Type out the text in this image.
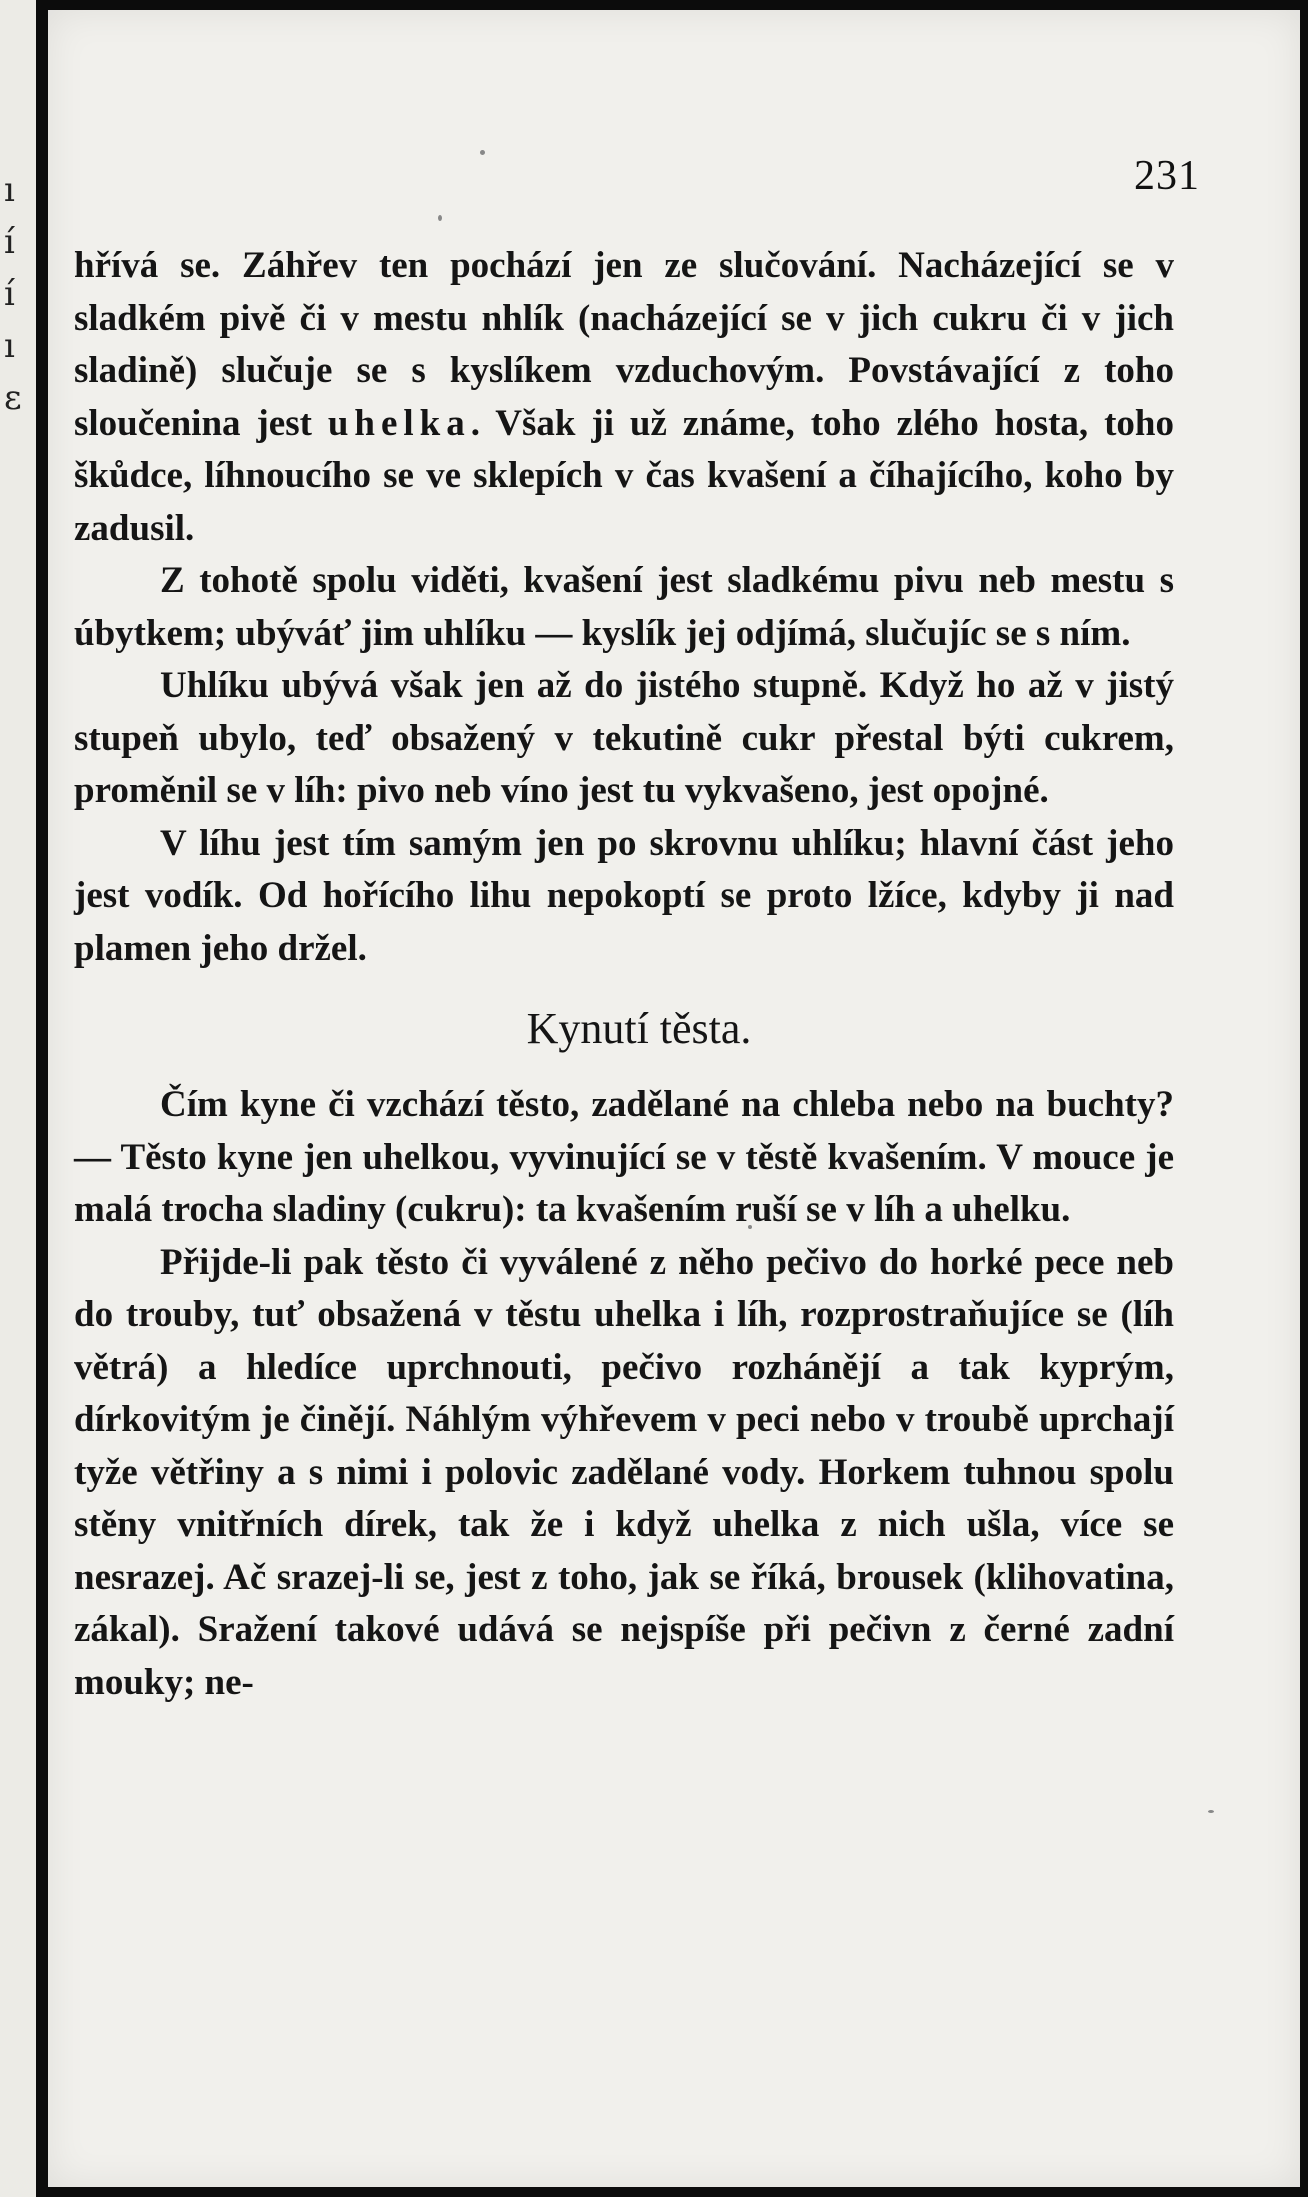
ı
í
í
ı
ε
231

hřívá se. Záhřev ten pochází jen ze slučování. Nacházející se v sladkém pivě či v mestu nhlík (nacházející se v jich cukru či v jich sladině) slučuje se s kyslíkem vzduchovým. Povstávající z toho sloučenina jest uhelka. Však ji už známe, toho zlého hosta, toho škůdce, líhnoucího se ve sklepích v čas kvašení a číhajícího, koho by zadusil.

Z tohotě spolu viděti, kvašení jest sladkému pivu neb mestu s úbytkem; ubýváť jim uhlíku — kyslík jej odjímá, slučujíc se s ním.

Uhlíku ubývá však jen až do jistého stupně. Když ho až v jistý stupeň ubylo, teď obsažený v tekutině cukr přestal býti cukrem, proměnil se v líh: pivo neb víno jest tu vykvašeno, jest opojné.

V líhu jest tím samým jen po skrovnu uhlíku; hlavní část jeho jest vodík. Od hořícího lihu nepokoptí se proto lžíce, kdyby ji nad plamen jeho držel.

Kynutí těsta.

Čím kyne či vzchází těsto, zadělané na chleba nebo na buchty? — Těsto kyne jen uhelkou, vyvinující se v těstě kvašením. V mouce je malá trocha sladiny (cukru): ta kvašením ruší se v líh a uhelku.

Přijde-li pak těsto či vyválené z něho pečivo do horké pece neb do trouby, tuť obsažená v těstu uhelka i líh, rozprostraňujíce se (líh větrá) a hledíce uprchnouti, pečivo rozhánějí a tak kyprým, dírkovitým je činějí. Náhlým výhřevem v peci nebo v troubě uprchají tyže větřiny a s nimi i polovic zadělané vody. Horkem tuhnou spolu stěny vnitřních dírek, tak že i když uhelka z nich ušla, více se nesrazej. Ač srazej-li se, jest z toho, jak se říká, brousek (klihovatina, zákal). Sražení takové udává se nejspíše při pečivn z černé zadní mouky; ne-
